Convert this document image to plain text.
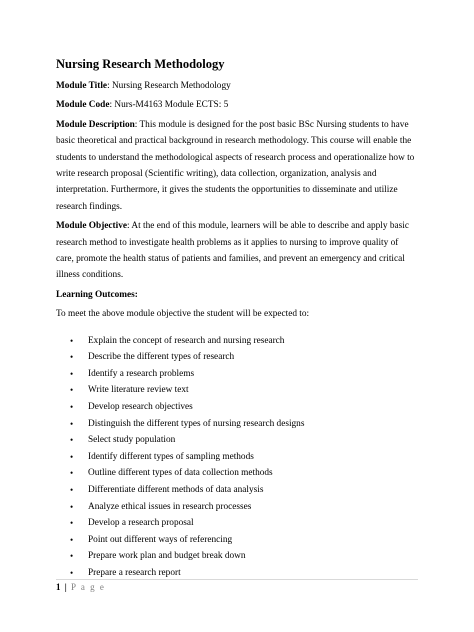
Nursing Research Methodology
Module Title: Nursing Research Methodology
Module Code: Nurs-M4163 Module ECTS: 5
Module Description: This module is designed for the post basic BSc Nursing students to have basic theoretical and practical background in research methodology. This course will enable the students to understand the methodological aspects of research process and operationalize how to write research proposal (Scientific writing), data collection, organization, analysis and interpretation. Furthermore, it gives the students the opportunities to disseminate and utilize research findings.
Module Objective: At the end of this module, learners will be able to describe and apply basic research method to investigate health problems as it applies to nursing to improve quality of care, promote the health status of patients and families, and prevent an emergency and critical illness conditions.
Learning Outcomes:
To meet the above module objective the student will be expected to:
• Explain the concept of research and nursing research
• Describe the different types of research
• Identify a research problems
• Write literature review text
• Develop research objectives
• Distinguish the different types of nursing research designs
• Select study population
• Identify different types of sampling methods
• Outline different types of data collection methods
• Differentiate different methods of data analysis
• Analyze ethical issues in research processes
• Develop a research proposal
• Point out different ways of referencing
• Prepare work plan and budget break down
• Prepare a research report
1 | P a g e
